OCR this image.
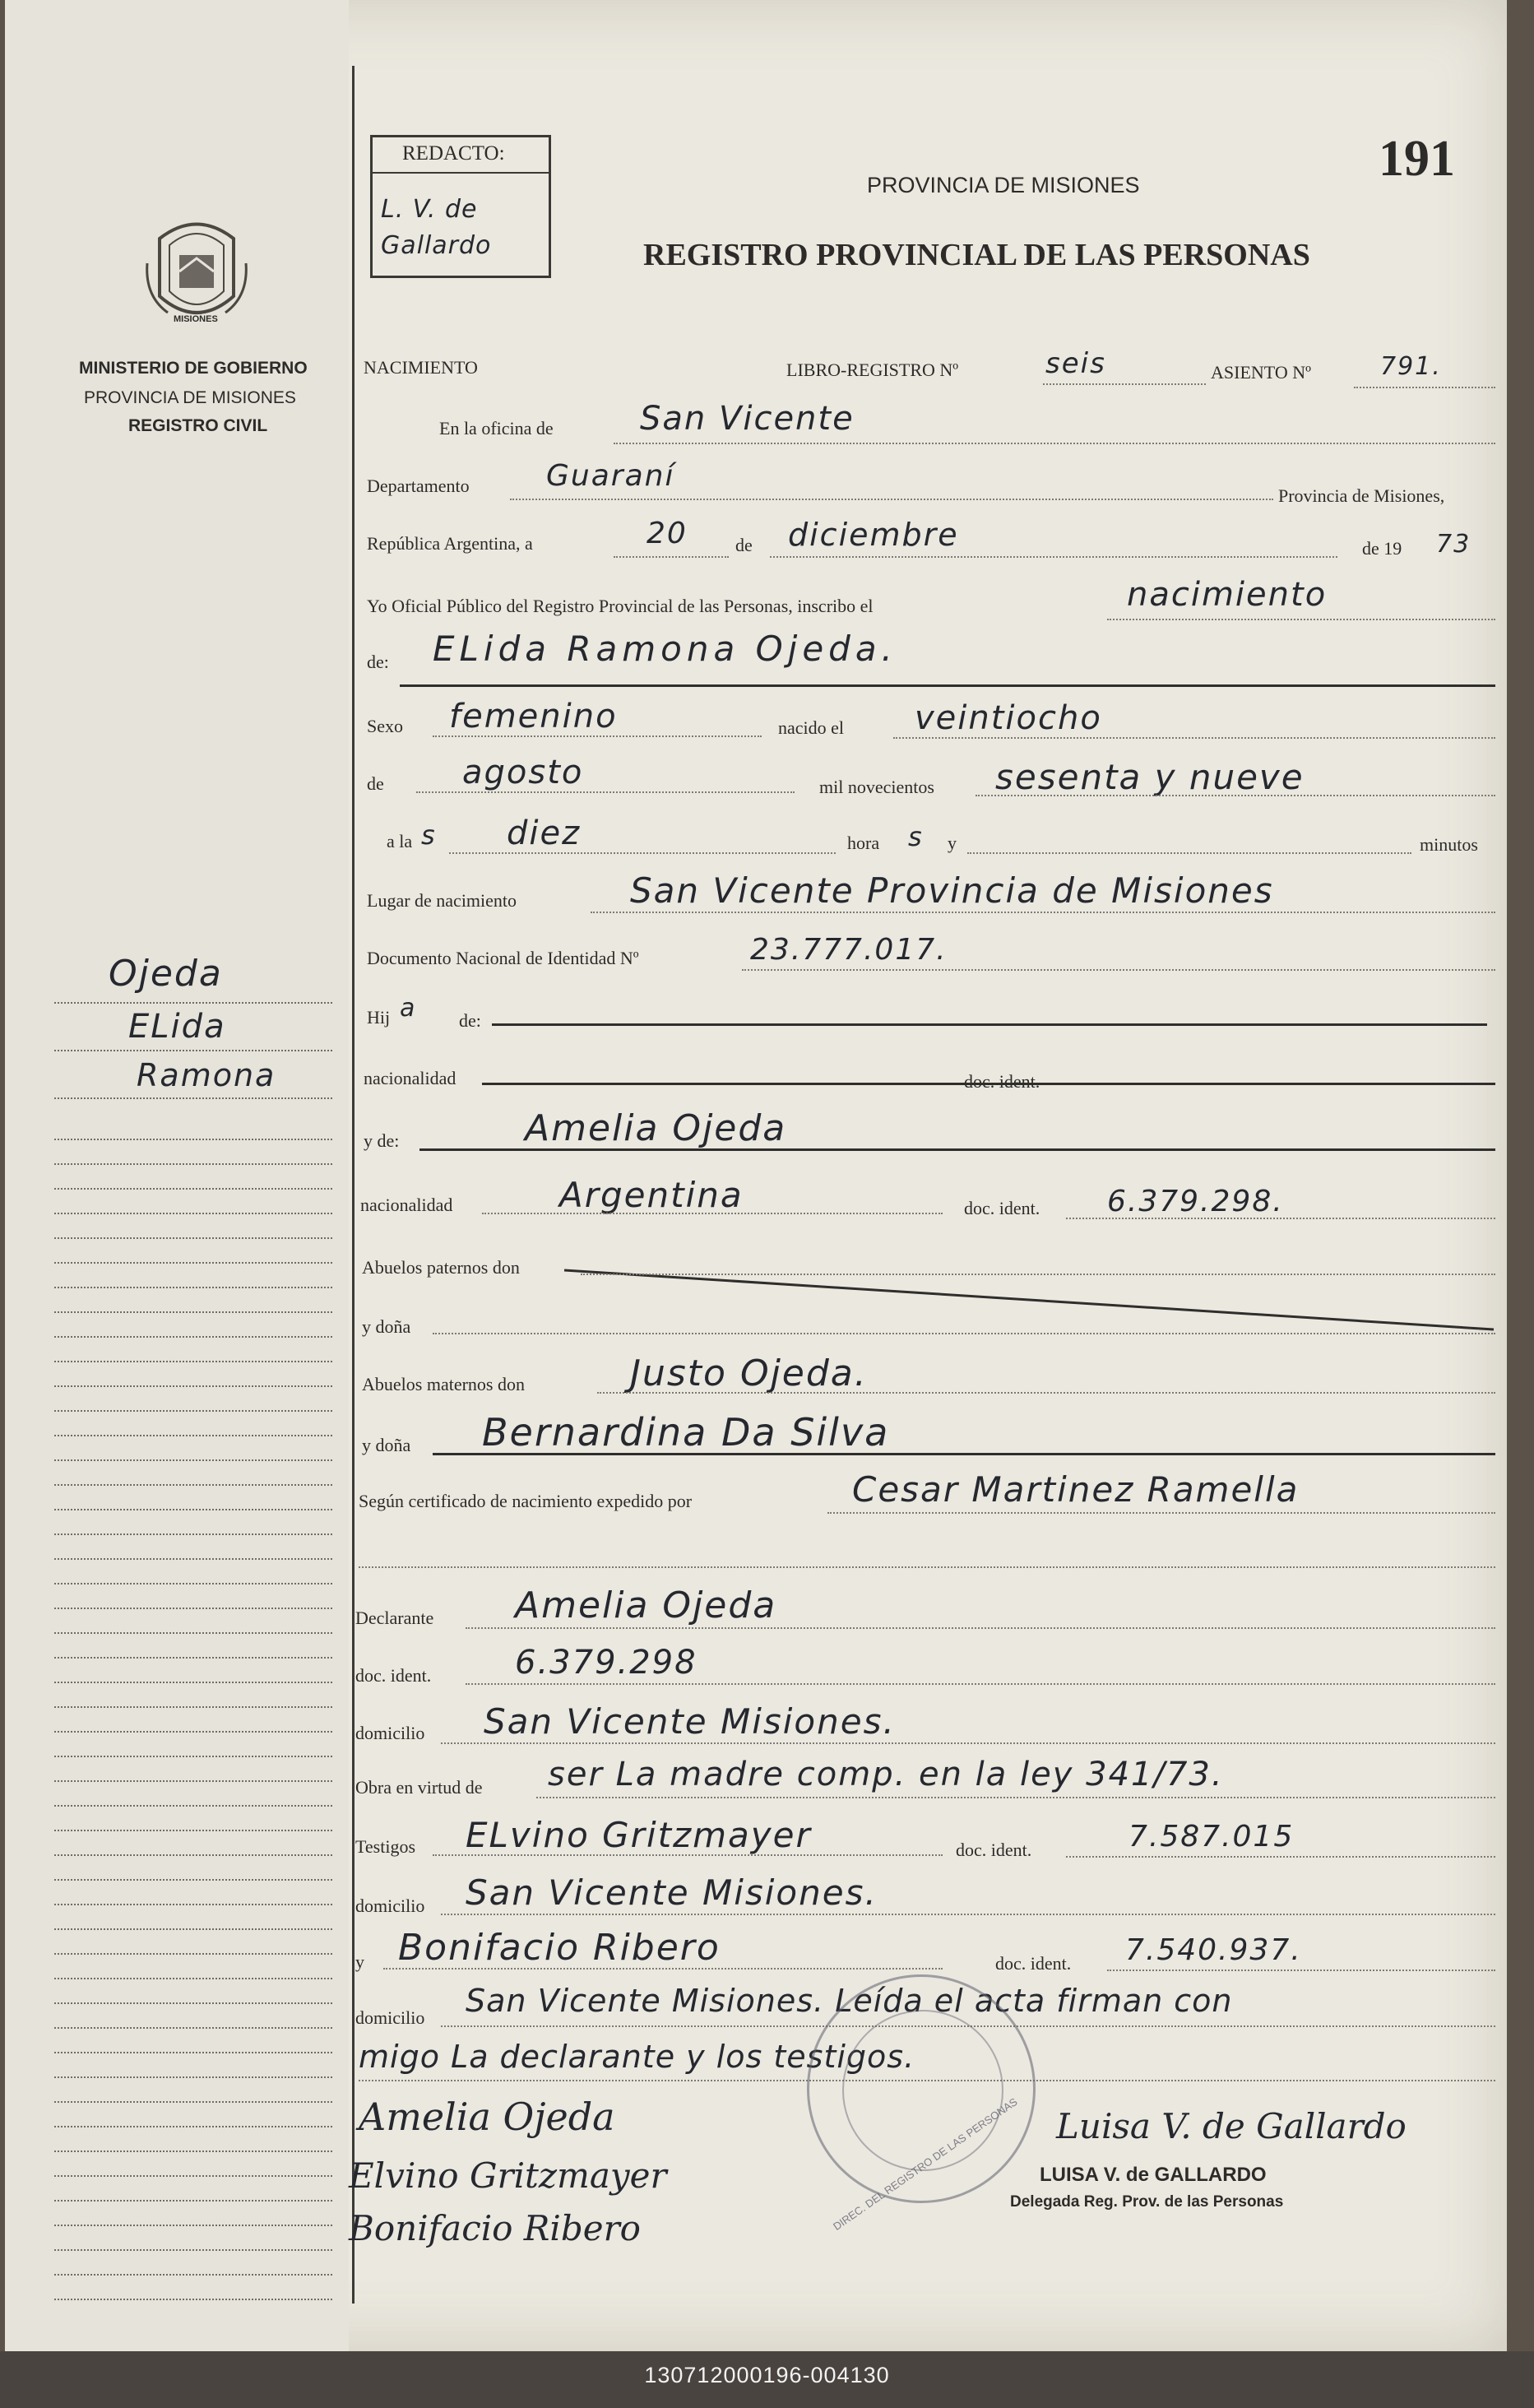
MISIONES
MINISTERIO DE GOBIERNO
PROVINCIA DE MISIONES
REGISTRO CIVIL
Ojeda
ELida
Ramona
REDACTO:
L. V. de Gallardo
PROVINCIA DE MISIONES
REGISTRO PROVINCIAL DE LAS PERSONAS
191
NACIMIENTO	LIBRO-REGISTRO Nº	seis	ASIENTO Nº	791.
En la oficina de	San Vicente
Departamento	Guaraní
Provincia de Misiones,
República Argentina, a	20	de diciembre	de 19 73
Yo Oficial Público del Registro Provincial de las Personas, inscribo el	nacimiento
de: ELida Ramona Ojeda.
Sexo femenino	nacido el veintiocho
de agosto	mil novecientos sesenta y nueve
a la s diez	hora s y	minutos
Lugar de nacimiento	San Vicente Provincia de Misiones
Documento Nacional de Identidad Nº	23.777.017.
Hij a de:
nacionalidad	doc. ident.
y de:	Amelia Ojeda
nacionalidad	Argentina	doc. ident. 6.379.298.
Abuelos paternos don
y doña
Abuelos maternos don	Justo Ojeda.
y doña Bernardina Da Silva
Según certificado de nacimiento expedido por	Cesar Martinez Ramella
Declarante Amelia Ojeda
doc. ident.	6.379.298
domicilio San Vicente Misiones.
Obra en virtud de ser La madre comp. en la ley 341/73.
Testigos ELvino Gritzmayer	doc. ident.	7.587.015
domicilio San Vicente Misiones.
y Bonifacio Ribero	doc. ident. 7.540.937.
domicilio San Vicente Misiones. Leída el acta firman con
migo La declarante y los testigos.
DIREC. DEL REGISTRO DE LAS PERSONAS
Amelia Ojeda
Elvino Gritzmayer
Bonifacio Ribero
Luisa V. de Gallardo
LUISA V. de GALLARDO
Delegada Reg. Prov. de las Personas
130712000196-004130
